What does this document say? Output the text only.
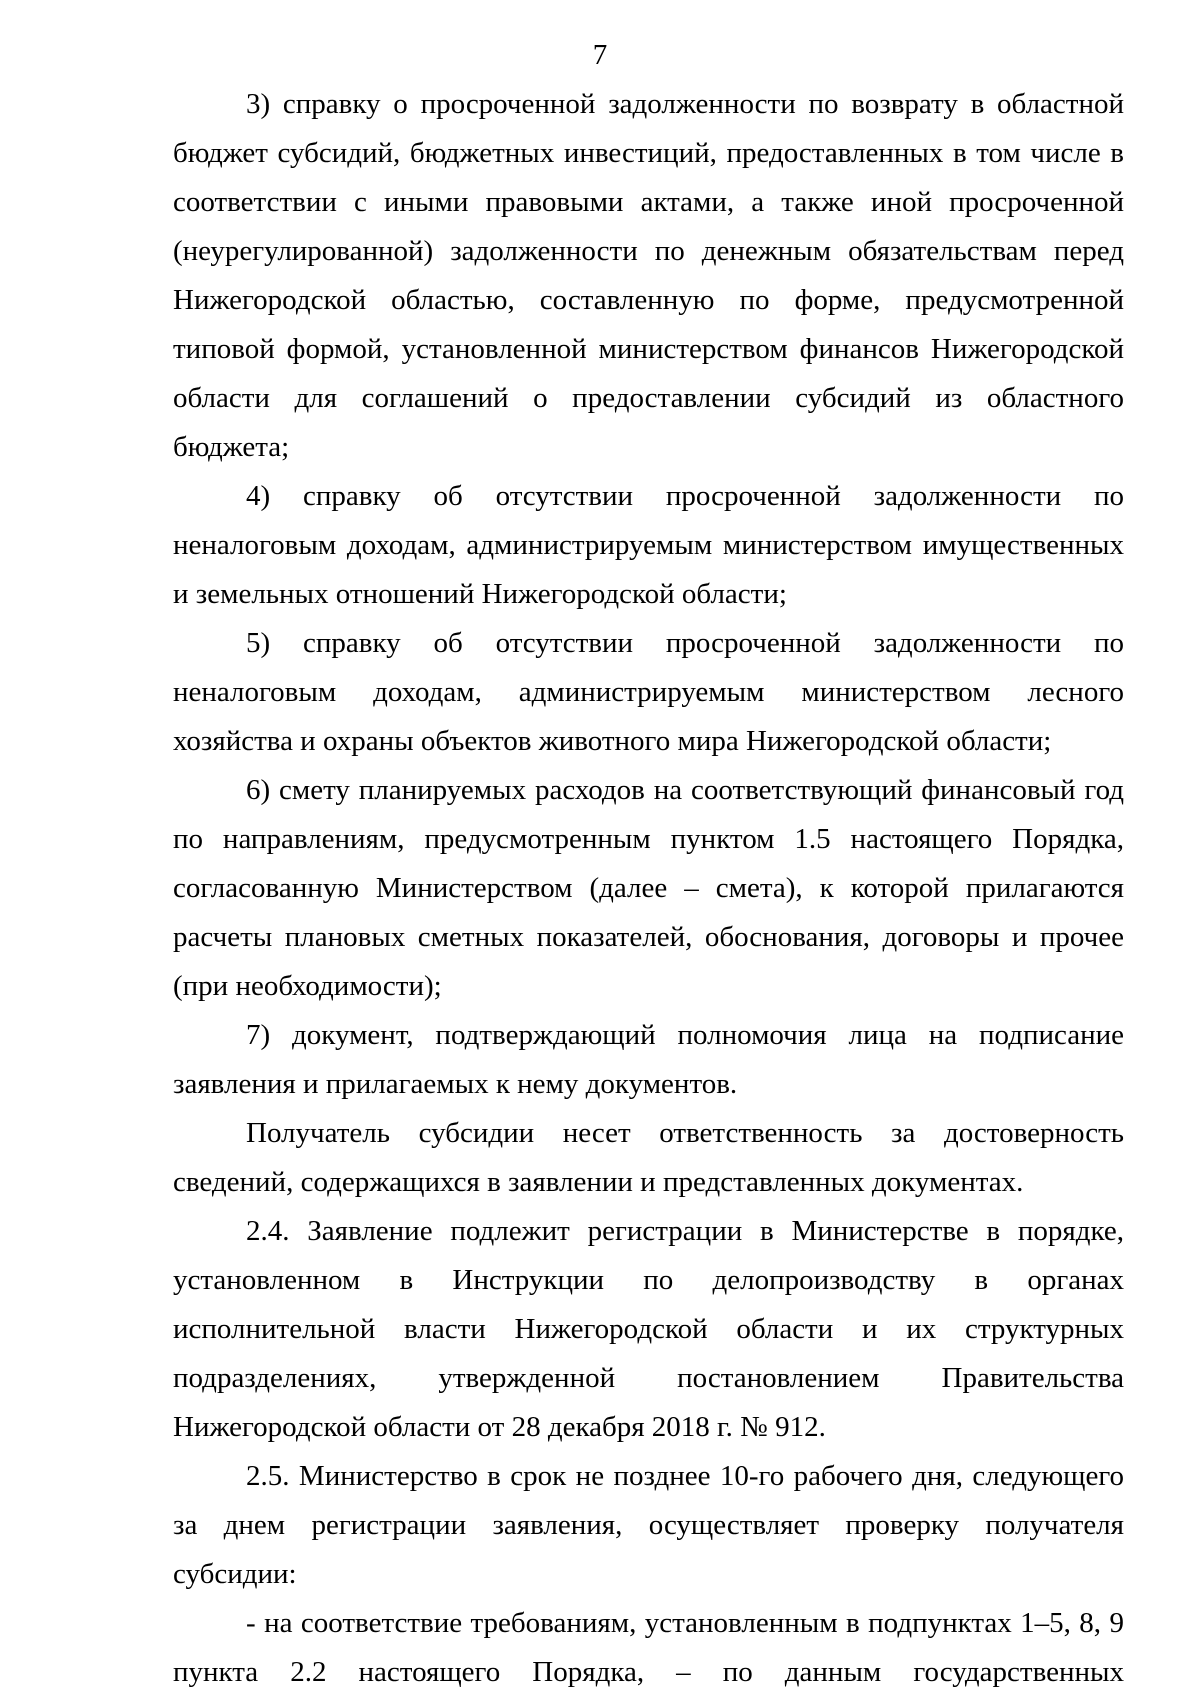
7

3) справку о просроченной задолженности по возврату в областной бюджет субсидий, бюджетных инвестиций, предоставленных в том числе в соответствии с иными правовыми актами, а также иной просроченной (неурегулированной) задолженности по денежным обязательствам перед Нижегородской областью, составленную по форме, предусмотренной типовой формой, установленной министерством финансов Нижегородской области для соглашений о предоставлении субсидий из областного бюджета;

4) справку об отсутствии просроченной задолженности по неналоговым доходам, администрируемым министерством имущественных и земельных отношений Нижегородской области;

5) справку об отсутствии просроченной задолженности по неналоговым доходам, администрируемым министерством лесного хозяйства и охраны объектов животного мира Нижегородской области;

6) смету планируемых расходов на соответствующий финансовый год по направлениям, предусмотренным пунктом 1.5 настоящего Порядка, согласованную Министерством (далее – смета), к которой прилагаются расчеты плановых сметных показателей, обоснования, договоры и прочее (при необходимости);

7) документ, подтверждающий полномочия лица на подписание заявления и прилагаемых к нему документов.

Получатель субсидии несет ответственность за достоверность сведений, содержащихся в заявлении и представленных документах.

2.4. Заявление подлежит регистрации в Министерстве в порядке, установленном в Инструкции по делопроизводству в органах исполнительной власти Нижегородской области и их структурных подразделениях, утвержденной постановлением Правительства Нижегородской области от 28 декабря 2018 г. № 912.

2.5. Министерство в срок не позднее 10-го рабочего дня, следующего за днем регистрации заявления, осуществляет проверку получателя субсидии:

- на соответствие требованиям, установленным в подпунктах 1–5, 8, 9 пункта 2.2 настоящего Порядка, – по данным государственных
